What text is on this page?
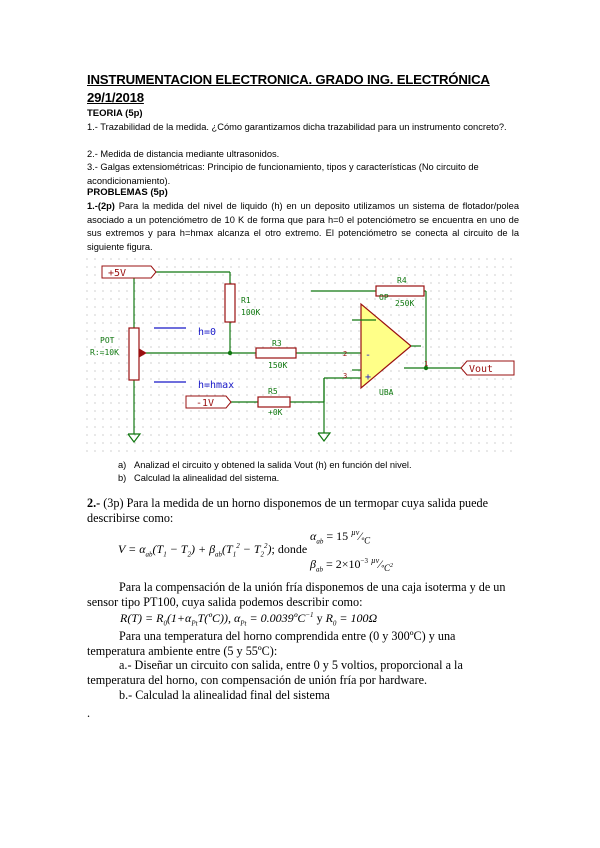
INSTRUMENTACION ELECTRONICA. GRADO ING. ELECTRÓNICA
29/1/2018
TEORIA (5p)
1.- Trazabilidad de la medida. ¿Cómo garantizamos dicha trazabilidad para un instrumento concreto?.
2.- Medida de distancia mediante ultrasonidos.
3.- Galgas extensiométricas: Principio de funcionamiento, tipos y características (No circuito de acondicionamiento).
PROBLEMAS (5p)
1.-(2p) Para la medida del nivel de liquido (h) en un deposito utilizamos un sistema de flotador/polea asociado a un potenciómetro de 10 K de forma que para h=0 el potenciómetro se encuentra en uno de sus extremos y para h=hmax alcanza el otro extremo. El potenciómetro se conecta al circuito de la siguiente figura.
+5V
-1V
R1
100K
R4
250K
R3
150K
R5
+0K
POT
R:=10K
h=0
h=hmax
-
+
OP
UBA
2
3
1	Vout
a) Analizad el circuito y obtened la salida Vout (h) en función del nivel.
b) Calculad la alinealidad del sistema.
2.- (3p) Para la medida de un horno disponemos de un termopar cuya salida puede describirse como:
$V = \alpha_{ab}(T_1 - T_2) + \beta_{ab}(T_1^2 - T_2^2)$; donde
$\alpha_{ab} = 15$ $^{\mu v}⁄_{ºC}$
$\beta_{ab} = 2\times 10^{-3}$ $^{\mu v}⁄_{ºC^2}$
Para la compensación de la unión fría disponemos de una caja isoterma y de un sensor tipo PT100, cuya salida podemos describir como:
$R(T) = R_0(1+\alpha_{Pt}T(ºC))$, $\alpha_{Pt}$ = 0.0039ºC$^{-1}$ y $R_0 = 100\Omega$
Para una temperatura del horno comprendida entre (0 y 300ºC) y una temperatura ambiente entre (5 y 55ºC):
a.- Diseñar un circuito con salida, entre 0 y 5 voltios, proporcional a la temperatura del horno, con compensación de unión fría por hardware.
b.- Calculad la alinealidad final del sistema
.
